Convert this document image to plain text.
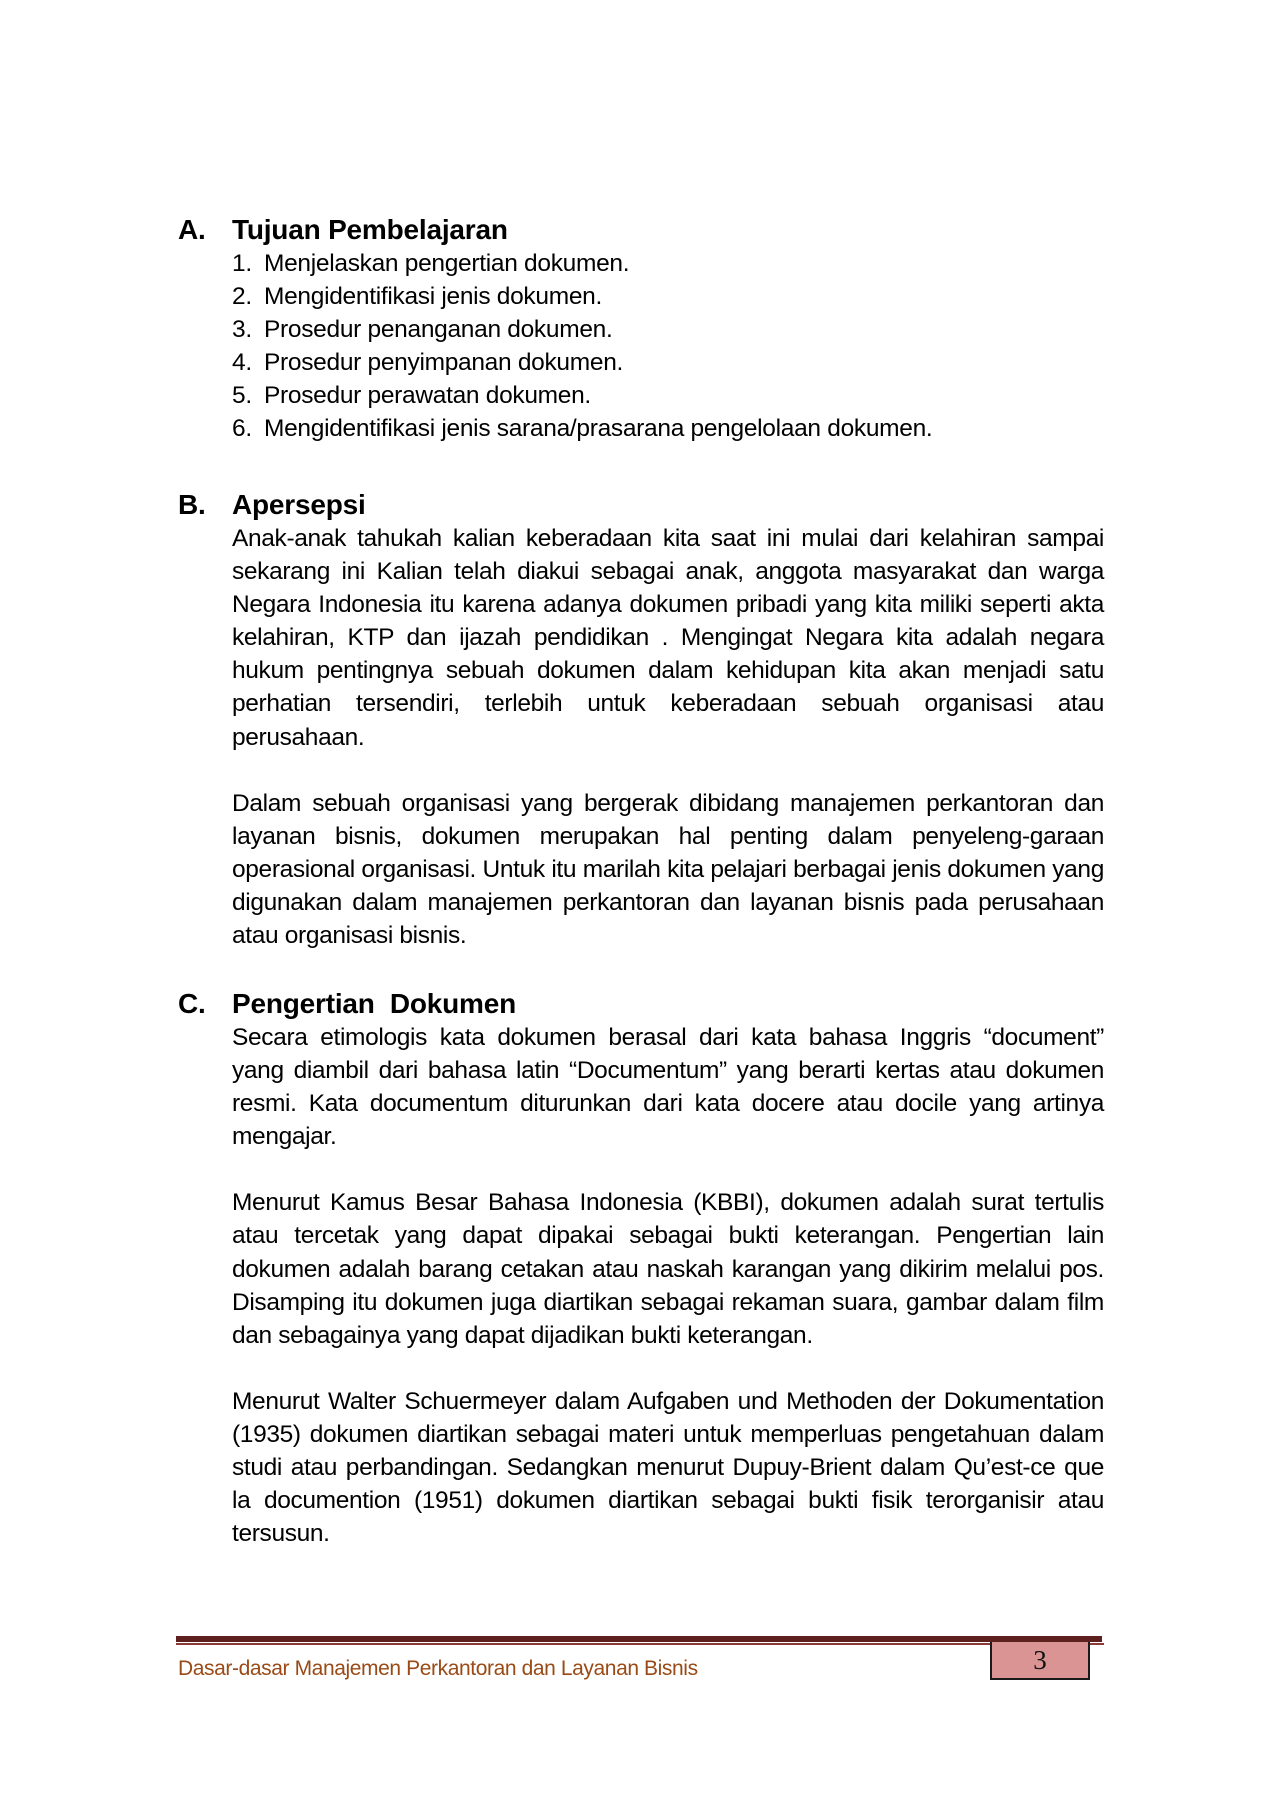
A. Tujuan Pembelajaran
1. Menjelaskan pengertian dokumen.
2. Mengidentifikasi jenis dokumen.
3. Prosedur penanganan dokumen.
4. Prosedur penyimpanan dokumen.
5. Prosedur perawatan dokumen.
6. Mengidentifikasi jenis sarana/prasarana pengelolaan dokumen.
B. Apersepsi

Anak-anak tahukah kalian keberadaan kita saat ini mulai dari kelahiran sampai sekarang ini Kalian telah diakui sebagai anak, anggota masyarakat dan warga Negara Indonesia itu karena adanya dokumen pribadi yang kita miliki seperti akta kelahiran, KTP dan ijazah pendidikan . Mengingat Negara kita adalah negara hukum pentingnya sebuah dokumen dalam kehidupan kita akan menjadi satu perhatian tersendiri, terlebih untuk keberadaan sebuah organisasi atau perusahaan.

Dalam sebuah organisasi yang bergerak dibidang manajemen perkantoran dan layanan bisnis, dokumen merupakan hal penting dalam penyeleng-garaan operasional organisasi. Untuk itu marilah kita pelajari berbagai jenis dokumen yang digunakan dalam manajemen perkantoran dan layanan bisnis pada perusahaan atau organisasi bisnis.

C. Pengertian  Dokumen

Secara etimologis kata dokumen berasal dari kata bahasa Inggris “document” yang diambil dari bahasa latin “Documentum” yang berarti kertas atau dokumen resmi. Kata documentum diturunkan dari kata docere atau docile yang artinya mengajar.

Menurut Kamus Besar Bahasa Indonesia (KBBI), dokumen adalah surat tertulis atau tercetak yang dapat dipakai sebagai bukti keterangan. Pengertian lain dokumen adalah barang cetakan atau naskah karangan yang dikirim melalui pos. Disamping itu dokumen juga diartikan sebagai rekaman suara, gambar dalam film dan sebagainya yang dapat dijadikan bukti keterangan.

Menurut Walter Schuermeyer dalam Aufgaben und Methoden der Dokumentation (1935) dokumen diartikan sebagai materi untuk memperluas pengetahuan dalam studi atau perbandingan. Sedangkan menurut Dupuy-Brient dalam Qu’est-ce que la documention (1951) dokumen diartikan sebagai bukti fisik terorganisir atau tersusun.

Dasar-dasar Manajemen Perkantoran dan Layanan Bisnis	3
